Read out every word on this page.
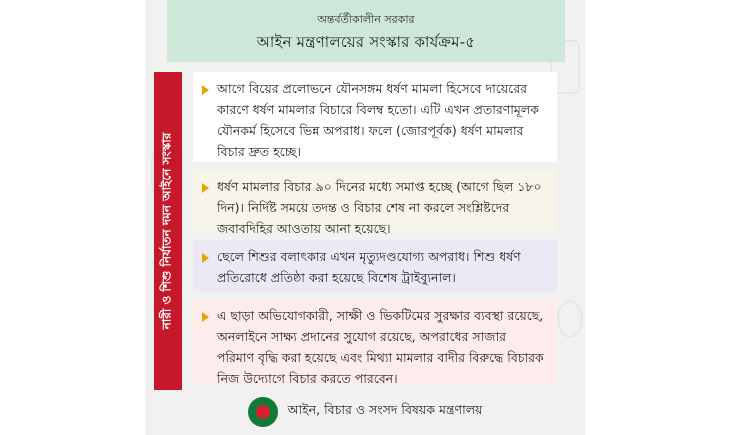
অন্তর্বর্তীকালীন সরকার
আইন মন্ত্রণালয়ের সংস্কার কার্যক্রম-৫
নারী ও শিশু নির্যাতন দমন আইনে সংস্কার
আগে বিয়ের প্রলোভনে যৌনসঙ্গম ধর্ষণ মামলা হিসেবে দায়েরের কারণে ধর্ষণ মামলার বিচারে বিলম্ব হতো। এটি এখন প্রতারণামূলক যৌনকর্ম হিসেবে ভিন্ন অপরাধ। ফলে (জোরপূর্বক) ধর্ষণ মামলার বিচার দ্রুত হচ্ছে।
ধর্ষণ মামলার বিচার ৯০ দিনের মধ্যে সমাপ্ত হচ্ছে (আগে ছিল ১৮০ দিন)। নির্দিষ্ট সময়ে তদন্ত ও বিচার শেষ না করলে সংশ্লিষ্টদের জবাবদিহির আওতায় আনা হয়েছে।
ছেলে শিশুর বলাৎকার এখন মৃত্যুদণ্ডযোগ্য অপরাধ। শিশু ধর্ষণ প্রতিরোধে প্রতিষ্ঠা করা হয়েছে বিশেষ ট্রাইব্যুনাল।
এ ছাড়া অভিযোগকারী, সাক্ষী ও ভিকটিমের সুরক্ষার ব্যবস্থা রয়েছে, অনলাইনে সাক্ষ্য প্রদানের সুযোগ রয়েছে, অপরাধের সাজার পরিমাণ বৃদ্ধি করা হয়েছে এবং মিথ্যা মামলার বাদীর বিরুদ্ধে বিচারক নিজ উদ্যোগে বিচার করতে পারবেন।
আইন, বিচার ও সংসদ বিষয়ক মন্ত্রণালয়
